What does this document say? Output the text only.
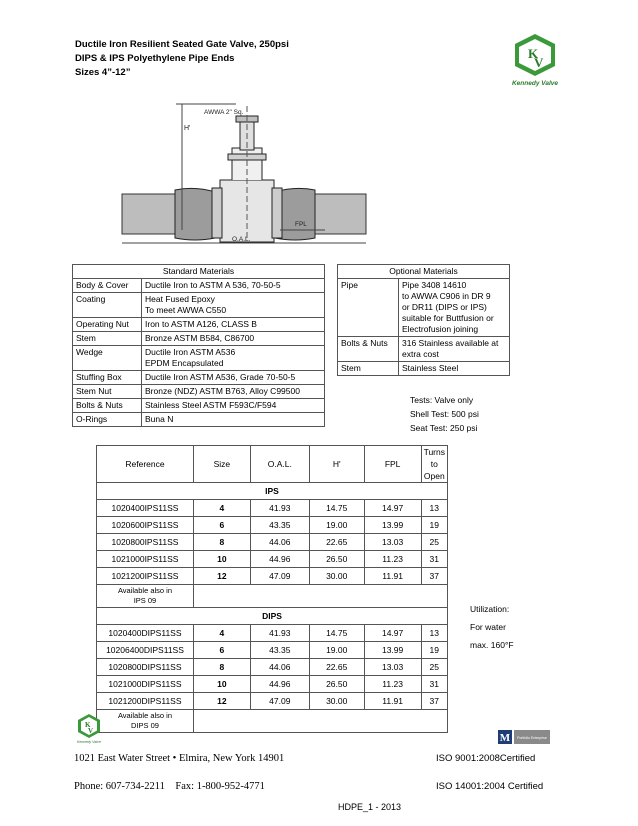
Ductile Iron Resilient Seated Gate Valve, 250psi
DIPS & IPS Polyethylene Pipe Ends
Sizes 4”-12”
K
V
Kennedy Valve
H'
AWWA 2" Sq.
FPL
O.A.L.
Standard Materials	
Body & Cover	Ductile Iron to ASTM A 536, 70-50-5
Coating	Heat Fused Epoxy
To meet AWWA C550
Operating Nut	Iron to ASTM A126, CLASS B
Stem	Bronze ASTM B584, C86700
Wedge	Ductile Iron ASTM A536
EPDM Encapsulated
Stuffing Box	Ductile Iron ASTM A536, Grade 70-50-5
Stem Nut	Bronze (NDZ) ASTM B763, Alloy C99500
Bolts & Nuts	Stainless Steel ASTM F593C/F594
O-Rings	Buna N
Optional Materials	
Pipe	Pipe 3408 14610
to AWWA C906 in DR 9
or DR11 (DIPS or IPS)
suitable for Buttfusion or
Electrofusion joining
Bolts & Nuts	316 Stainless available at
extra cost
Stem	Stainless Steel
Tests: Valve only
Shell Test: 500 psi
Seat Test: 250 psi
Reference	Size	O.A.L.	H'	FPL	Turns to
Open
IPS					
1020400IPS11SS	4	41.93	14.75	14.97	13
1020600IPS11SS	6	43.35	19.00	13.99	19
1020800IPS11SS	8	44.06	22.65	13.03	25
1021000IPS11SS	10	44.96	26.50	11.23	31
1021200IPS11SS	12	47.09	30.00	11.91	37
Available also in
IPS 09					
DIPS					
1020400DIPS11SS	4	41.93	14.75	14.97	13
10206400DIPS11SS	6	43.35	19.00	13.99	19
1020800DIPS11SS	8	44.06	22.65	13.03	25
1021000DIPS11SS	10	44.96	26.50	11.23	31
1021200DIPS11SS	12	47.09	30.00	11.91	37
Available also in
DIPS 09					
Utilization:
For water
max. 160°F
K
V
Kennedy Valve	M Portfolio Enterprise
1021 East Water Street • Elmira, New York 14901
Phone: 607-734-2211    Fax: 1-800-952-4771
ISO 9001:2008Certified
ISO 14001:2004 Certified
HDPE_1 - 2013
